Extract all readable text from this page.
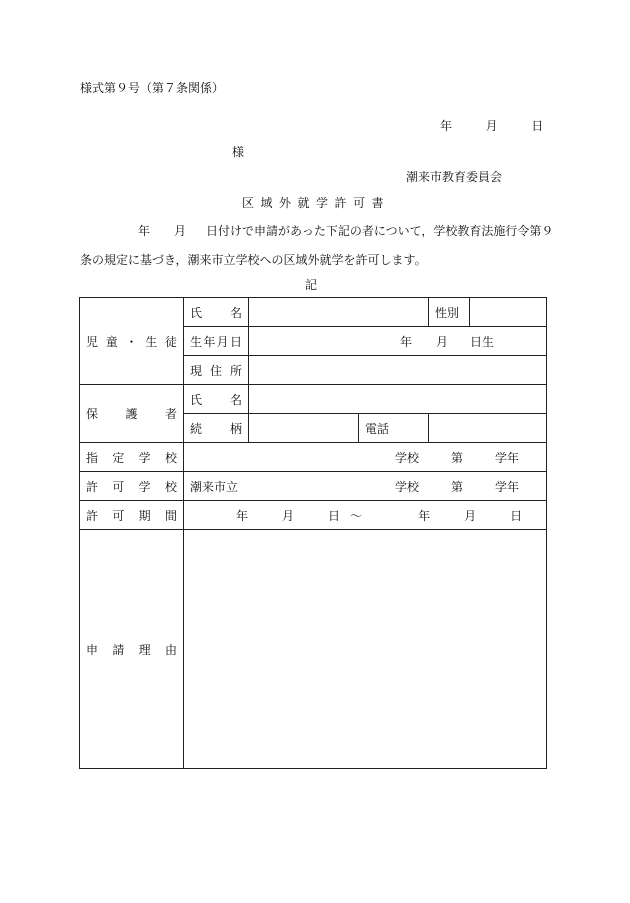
様式第９号（第７条関係）
年	月	日
様
潮来市教育委員会
区域外就学許可書
年 月 日付けで申請があった下記の者について，学校教育法施行令第９
条の規定に基づき，潮来市立学校への区域外就学を許可します。
記
児 童 ・ 生 徒	氏 名			性別	

	生 年 月 日	年 月 日生			

	現 住 所				

保 護 者	氏 名				

	続 柄		電話		

指 定 学 校	学校 第 学年				

許 可 学 校	潮来市立 学校 第 学年				

許 可 期 間	年 月 日 ～ 年 月 日				

申 請 理 由					
